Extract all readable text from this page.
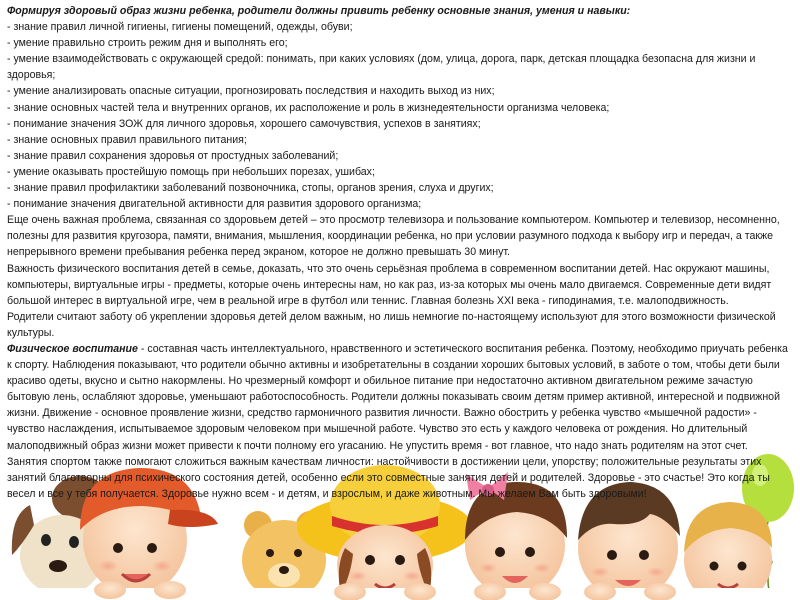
Формируя здоровый образ жизни ребенка, родители должны привить ребенку основные знания, умения и навыки:

- знание правил личной гигиены, гигиены помещений, одежды, обуви;
- умение правильно строить режим дня и выполнять его;
- умение взаимодействовать с окружающей средой: понимать, при каких условиях (дом, улица, дорога, парк, детская площадка безопасна для жизни и здоровья;
- умение анализировать опасные ситуации, прогнозировать последствия и находить выход из них;
- знание основных частей тела и внутренних органов, их расположение и роль в жизнедеятельности организма человека;
- понимание значения ЗОЖ для личного здоровья, хорошего самочувствия, успехов в занятиях;
- знание основных правил правильного питания;
- знание правил сохранения здоровья от простудных заболеваний;
- умение оказывать простейшую помощь при небольших порезах, ушибах;
- знание правил профилактики заболеваний позвоночника, стопы, органов зрения, слуха и других;
- понимание значения двигательной активности для развития здорового организма;

Еще очень важная проблема, связанная со здоровьем детей – это просмотр телевизора и пользование компьютером. Компьютер и телевизор, несомненно, полезны для развития кругозора, памяти, внимания, мышления, координации ребенка, но при условии разумного подхода к выбору игр и передач, а также непрерывного времени пребывания ребенка перед экраном, которое не должно превышать 30 минут.

Важность физического воспитания детей в семье, доказать, что это очень серьёзная проблема в современном воспитании детей. Нас окружают машины, компьютеры, виртуальные игры - предметы, которые очень интересны нам, но как раз, из-за которых мы очень мало двигаемся. Современные дети видят большой интерес в виртуальной игре, чем в реальной игре в футбол или теннис. Главная болезнь XXI века - гиподинамия, т.е. малоподвижность.

Родители считают заботу об укреплении здоровья детей делом важным, но лишь немногие по-настоящему используют для этого возможности физической культуры.

Физическое воспитание - составная часть интеллектуального, нравственного и эстетического воспитания ребенка. Поэтому, необходимо приучать ребенка к спорту. Наблюдения показывают, что родители обычно активны и изобретательны в создании хороших бытовых условий, в заботе о том, чтобы дети были красиво одеты, вкусно и сытно накормлены. Но чрезмерный комфорт и обильное питание при недостаточно активном двигательном режиме зачастую бытовую лень, ослабляют здоровье, уменьшают работоспособность. Родители должны показывать своим детям пример активной, интересной и подвижной жизни. Движение - основное проявление жизни, средство гармоничного развития личности. Важно обострить у ребенка чувство «мышечной радости» - чувство наслаждения, испытываемое здоровым человеком при мышечной работе. Чувство это есть у каждого человека от рождения. Но длительный малоподвижный образ жизни может привести к почти полному его угасанию. Не упустить время - вот главное, что надо знать родителям на этот счет.

Занятия спортом также помогают сложиться важным качествам личности: настойчивости в достижении цели, упорству; положительные результаты этих занятий благотворны для психического состояния детей, особенно если это совместные занятия детей и родителей. Здоровье - это счастье! Это когда ты весел и все у тебя получается. Здоровье нужно всем - и детям, и взрослым, и даже животным. Мы желаем Вам быть здоровыми!
